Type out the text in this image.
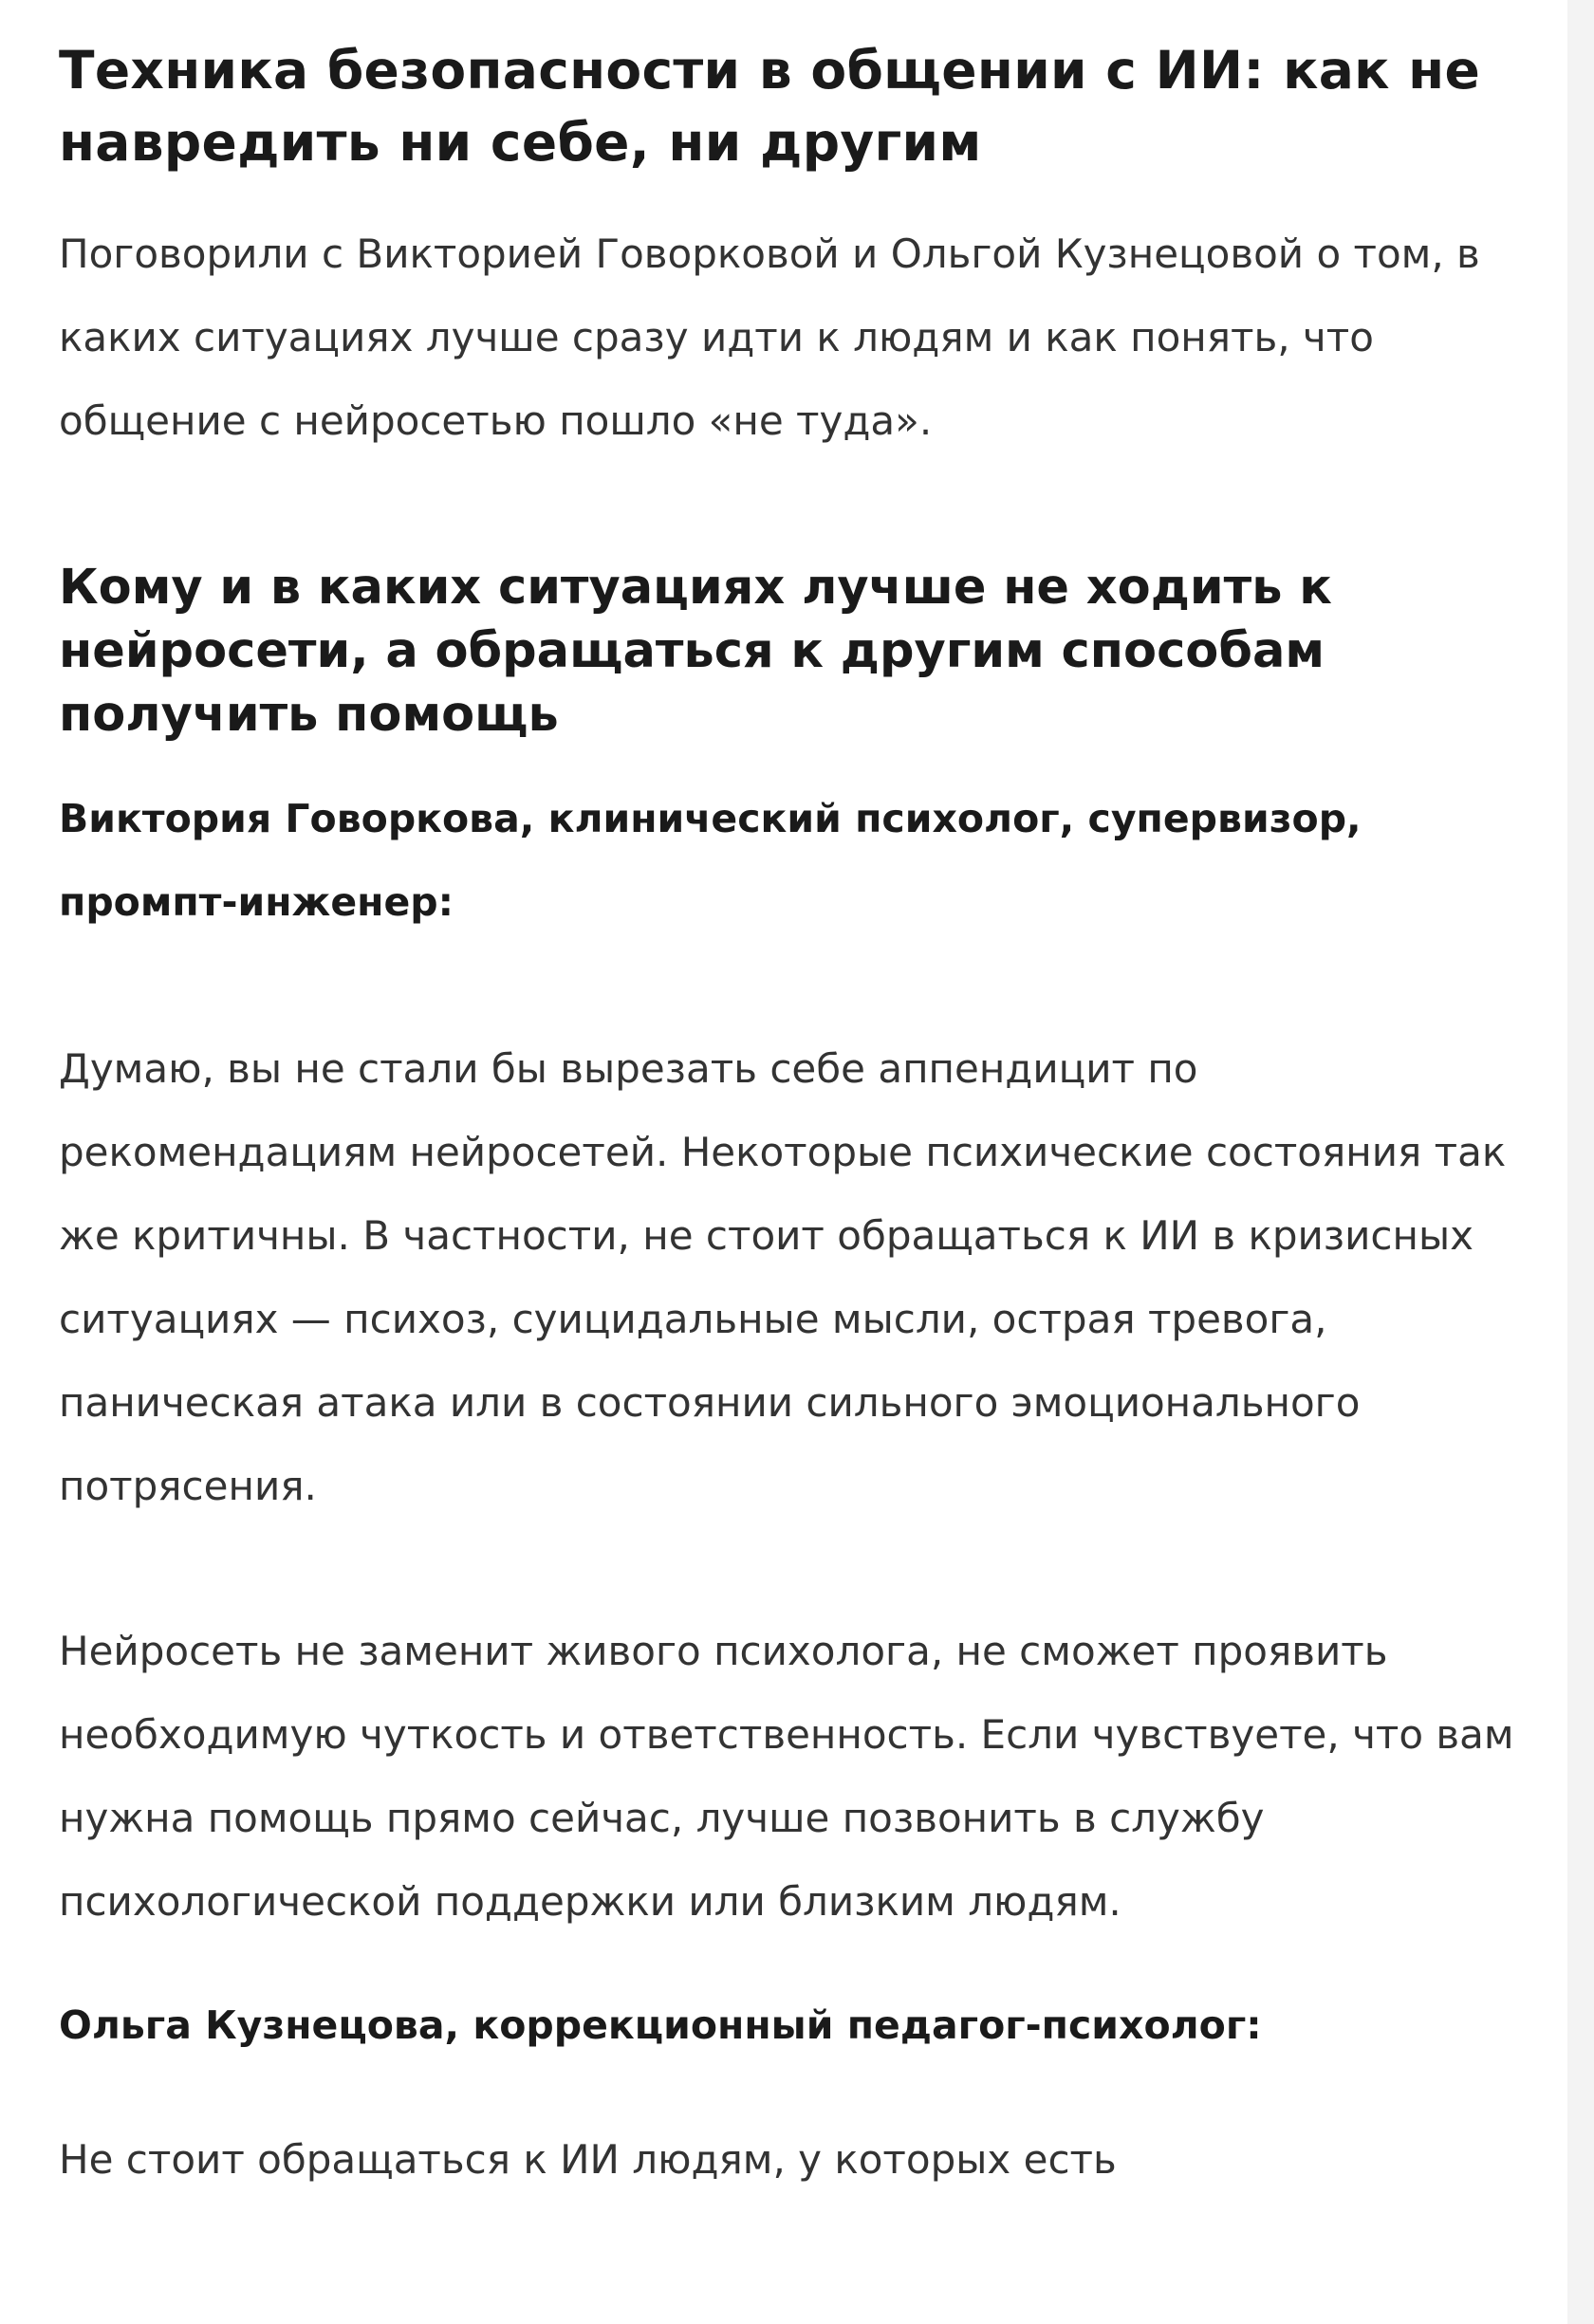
Техника безопасности в общении с ИИ: как не навредить ни себе, ни другим

Поговорили с Викторией Говорковой и Ольгой Кузнецовой о том, в каких ситуациях лучше сразу идти к людям и как понять, что общение с нейросетью пошло «не туда».

Кому и в каких ситуациях лучше не ходить к нейросети, а обращаться к другим способам получить помощь

Виктория Говоркова, клинический психолог, супервизор, промпт-инженер:

Думаю, вы не стали бы вырезать себе аппендицит по рекомендациям нейросетей. Некоторые психические состояния так же критичны. В частности, не стоит обращаться к ИИ в кризисных ситуациях — психоз, суицидальные мысли, острая тревога, паническая атака или в состоянии сильного эмоционального потрясения.

Нейросеть не заменит живого психолога, не сможет проявить необходимую чуткость и ответственность. Если чувствуете, что вам нужна помощь прямо сейчас, лучше позвонить в службу психологической поддержки или близким людям.

Ольга Кузнецова, коррекционный педагог-психолог:

Не стоит обращаться к ИИ людям, у которых есть
